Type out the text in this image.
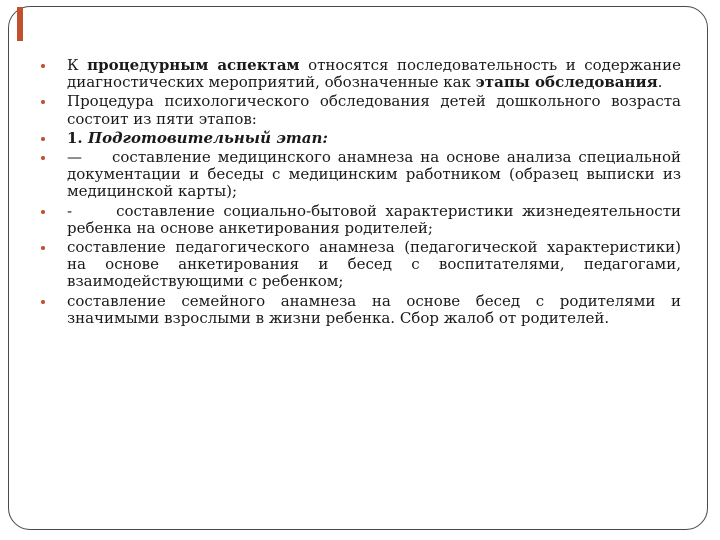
К процедурным аспектам относятся последовательность и содержание диагностических мероприятий, обозначенные как этапы обследования.
Процедура психологического обследования детей дошкольного возраста состоит из пяти этапов:
1. Подготовительный этап:
— составление медицинского анамнеза на основе анализа специальной документации и беседы с медицинским работником (образец выписки из медицинской карты);
-	составление социально-бытовой характеристики жизнедеятельности ребенка на основе анкетирования родителей;
составление педагогического анамнеза (педагогической характеристики) на основе анкетирования и бесед с воспитателями, педагогами, взаимодействующими с ребенком;
составление семейного анамнеза на основе бесед с родителями и значимыми взрослыми в жизни ребенка. Сбор жалоб от родителей.
